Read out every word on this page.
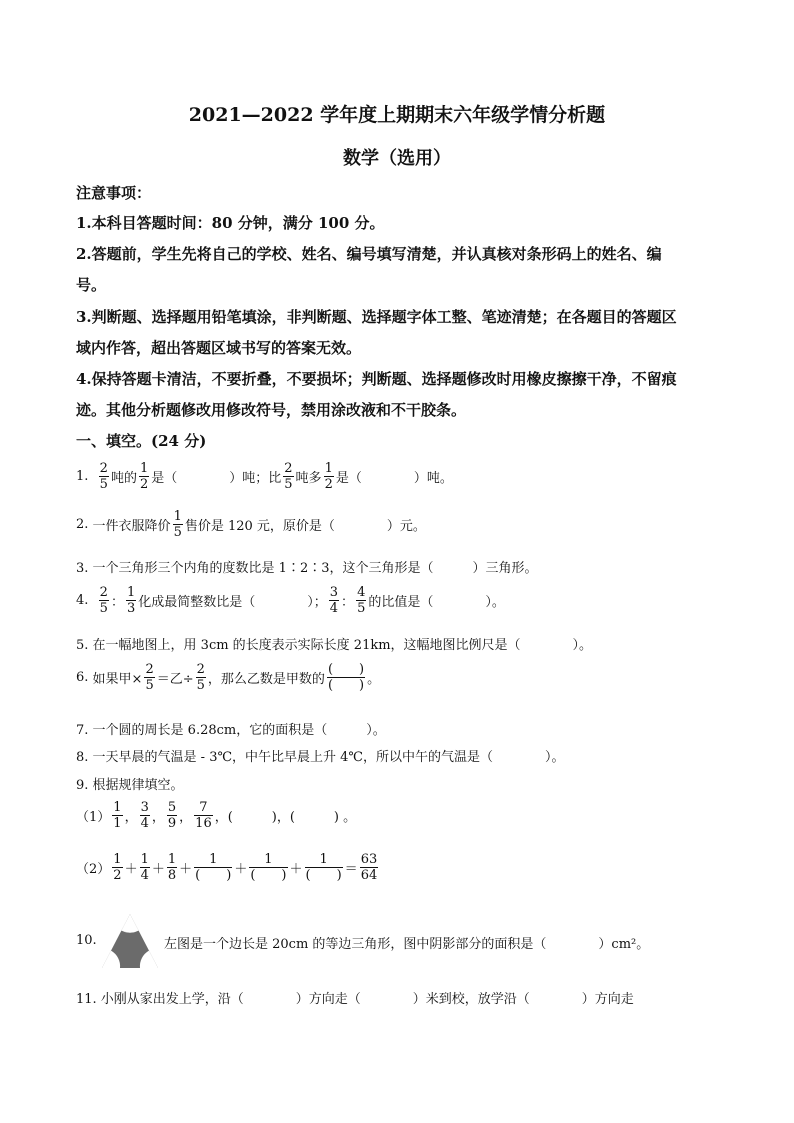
2021—2022 学年度上期期末六年级学情分析题
数学（选用）
注意事项：
1.本科目答题时间：80 分钟，满分 100 分。
2.答题前，学生先将自己的学校、姓名、编号填写清楚，并认真核对条形码上的姓名、编
号。
3.判断题、选择题用铅笔填涂，非判断题、选择题字体工整、笔迹清楚；在各题目的答题区
域内作答，超出答题区域书写的答案无效。
4.保持答题卡清洁，不要折叠，不要损坏；判断题、选择题修改时用橡皮擦擦干净，不留痕
迹。其他分析题修改用修改符号，禁用涂改液和不干胶条。
一、填空。(24 分)
1.
$\frac{2}{5}$ 吨的 $\frac{1}{2}$ 是（　　　　）吨；比 $\frac{2}{5}$ 吨多 $\frac{1}{2}$ 是（　　　　）吨。
2.
一件衣服降价 $\frac{1}{5}$ 售价是 120 元，原价是（　　　　）元。
3. 一个三角形三个内角的度数比是 1∶2∶3，这个三角形是（　　　）三角形。
4.
$\frac{2}{5}$ ： $\frac{1}{3}$ 化成最简整数比是（　　　　）； $\frac{3}{4}$ ： $\frac{4}{5}$ 的比值是（　　　　）。
5. 在一幅地图上，用 3cm 的长度表示实际长度 21km，这幅地图比例尺是（　　　　）。
6.
如果甲× $\frac{2}{5}$ ＝乙÷ $\frac{2}{5}$ ，那么乙数是甲数的 $\frac{( )}{( )}$ 。
7. 一个圆的周长是 6.28cm，它的面积是（　　　）。
8. 一天早晨的气温是 - 3℃，中午比早晨上升 4℃，所以中午的气温是（　　　　）。
9. 根据规律填空。
$(1) \frac{1}{1}$ ， $\frac{3}{4}$ ， $\frac{5}{9}$ ， $\frac{7}{16}$ ，(　　　)，(　　　) 。
$(2) \frac{1}{2} + \frac{1}{4} + \frac{1}{8} + \frac{1}{( )} + \frac{1}{( )} + \frac{1}{( )} = \frac{63}{64}$
10.	左图是一个边长是 20cm 的等边三角形，图中阴影部分的面积是（　　　　）cm²。
11. 小刚从家出发上学，沿（　　　　）方向走（　　　　）米到校，放学沿（　　　　）方向走
